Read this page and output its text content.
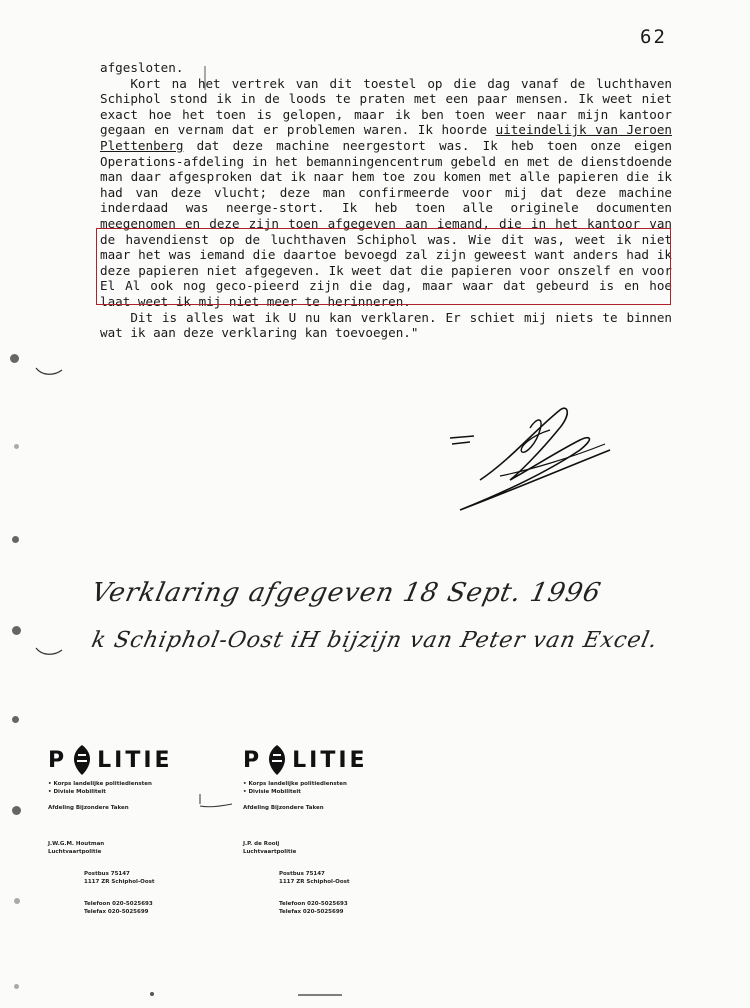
62

afgesloten.

Kort na het vertrek van dit toestel op die dag vanaf de luchthaven Schiphol stond ik in de loods te praten met een paar mensen. Ik weet niet exact hoe het toen is gelopen, maar ik ben toen weer naar mijn kantoor gegaan en vernam dat er problemen waren. Ik hoorde uiteindelijk van Jeroen Plettenberg dat deze machine neergestort was. Ik heb toen onze eigen Operations-afdeling in het bemanningencentrum gebeld en met de dienstdoende man daar afgesproken dat ik naar hem toe zou komen met alle papieren die ik had van deze vlucht; deze man confirmeerde voor mij dat deze machine inderdaad was neerge-stort. Ik heb toen alle originele documenten meegenomen en deze zijn toen afgegeven aan iemand, die in het kantoor van de havendienst op de luchthaven Schiphol was. Wie dit was, weet ik niet maar het was iemand die daartoe bevoegd zal zijn geweest want anders had ik deze papieren niet afgegeven. Ik weet dat die papieren voor onszelf en voor El Al ook nog geco-pieerd zijn die dag, maar waar dat gebeurd is en hoe laat weet ik mij niet meer te herinneren.

Dit is alles wat ik U nu kan verklaren. Er schiet mij niets te binnen wat ik aan deze verklaring kan toevoegen."

Verklaring afgegeven 18 Sept. 1996
k Schiphol-Oost iH bijzijn van Peter van Excel.
P LITIE
• Korps landelijke politiediensten
• Divisie Mobiliteit
Afdeling Bijzondere Taken
J.W.G.M. Houtman
Luchtvaartpolitie
Postbus 75147
1117 ZR Schiphol-Oost
Telefoon 020-5025693
Telefax 020-5025699
P LITIE
• Korps landelijke politiediensten
• Divisie Mobiliteit
Afdeling Bijzondere Taken
J.P. de Rooij
Luchtvaartpolitie
Postbus 75147
1117 ZR Schiphol-Oost
Telefoon 020-5025693
Telefax 020-5025699
